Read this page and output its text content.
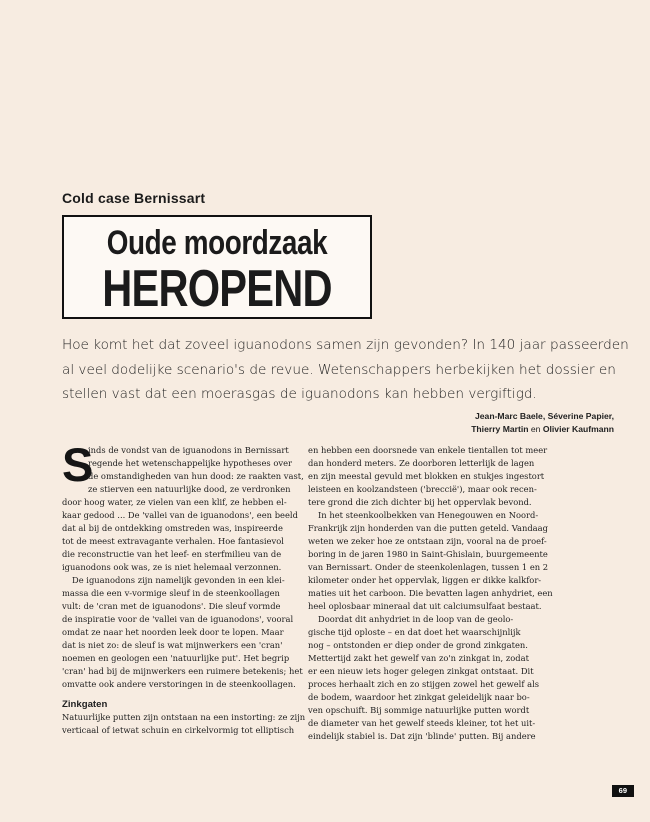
Cold case Bernissart
Oude moordzaak
HEROPEND
Hoe komt het dat zoveel iguanodons samen zijn gevonden? In 140 jaar passeerden
al veel dodelijke scenario's de revue. Wetenschappers herbekijken het dossier en
stellen vast dat een moerasgas de iguanodons kan hebben vergiftigd.
Jean-Marc Baele, Séverine Papier,
Thierry Martin en Olivier Kaufmann
S
inds de vondst van de iguanodons in Bernissart
regende het wetenschappelijke hypotheses over
de omstandigheden van hun dood: ze raakten vast,
ze stierven een natuurlijke dood, ze verdronken
door hoog water, ze vielen van een klif, ze hebben el-
kaar gedood ... De 'vallei van de iguanodons', een beeld
dat al bij de ontdekking omstreden was, inspireerde
tot de meest extravagante verhalen. Hoe fantasievol
die reconstructie van het leef- en sterfmilieu van de
iguanodons ook was, ze is niet helemaal verzonnen.
De iguanodons zijn namelijk gevonden in een klei-
massa die een v-vormige sleuf in de steenkoollagen
vult: de 'cran met de iguanodons'. Die sleuf vormde
de inspiratie voor de 'vallei van de iguanodons', vooral
omdat ze naar het noorden leek door te lopen. Maar
dat is niet zo: de sleuf is wat mijnwerkers een 'cran'
noemen en geologen een 'natuurlijke put'. Het begrip
'cran' had bij de mijnwerkers een ruimere betekenis; het
omvatte ook andere verstoringen in de steenkoollagen.
Zinkgaten
Natuurlijke putten zijn ontstaan na een instorting: ze zijn
verticaal of ietwat schuin en cirkelvormig tot elliptisch
en hebben een doorsnede van enkele tientallen tot meer
dan honderd meters. Ze doorboren letterlijk de lagen
en zijn meestal gevuld met blokken en stukjes ingestort
leisteen en koolzandsteen ('breccië'), maar ook recen-
tere grond die zich dichter bij het oppervlak bevond.
In het steenkoolbekken van Henegouwen en Noord-
Frankrijk zijn honderden van die putten geteld. Vandaag
weten we zeker hoe ze ontstaan zijn, vooral na de proef-
boring in de jaren 1980 in Saint-Ghislain, buurgemeente
van Bernissart. Onder de steenkolenlagen, tussen 1 en 2
kilometer onder het oppervlak, liggen er dikke kalkfor-
maties uit het carboon. Die bevatten lagen anhydriet, een
heel oplosbaar mineraal dat uit calciumsulfaat bestaat.
Doordat dit anhydriet in de loop van de geolo-
gische tijd oploste – en dat doet het waarschijnlijk
nog – ontstonden er diep onder de grond zinkgaten.
Mettertijd zakt het gewelf van zo'n zinkgat in, zodat
er een nieuw iets hoger gelegen zinkgat ontstaat. Dit
proces herhaalt zich en zo stijgen zowel het gewelf als
de bodem, waardoor het zinkgat geleidelijk naar bo-
ven opschuift. Bij sommige natuurlijke putten wordt
de diameter van het gewelf steeds kleiner, tot het uit-
eindelijk stabiel is. Dat zijn 'blinde' putten. Bij andere
69
